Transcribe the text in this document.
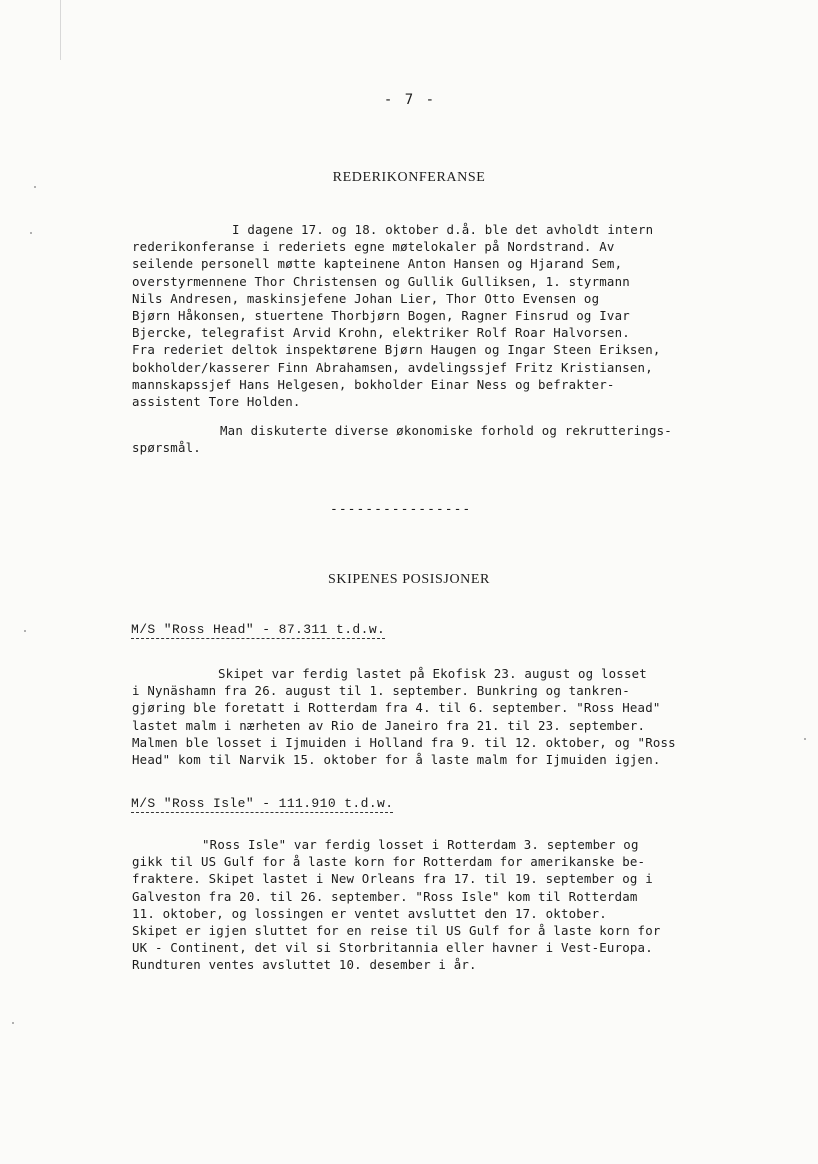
- 7 -
REDERIKONFERANSE
I dagene 17. og 18. oktober d.å. ble det avholdt intern
rederikonferanse i rederiets egne møtelokaler på Nordstrand. Av
seilende personell møtte kapteinene Anton Hansen og Hjarand Sem,
overstyrmennene Thor Christensen og Gullik Gulliksen, 1. styrmann
Nils Andresen, maskinsjefene Johan Lier, Thor Otto Evensen og
Bjørn Håkonsen, stuertene Thorbjørn Bogen, Ragner Finsrud og Ivar
Bjercke, telegrafist Arvid Krohn, elektriker Rolf Roar Halvorsen.
Fra rederiet deltok inspektørene Bjørn Haugen og Ingar Steen Eriksen,
bokholder/kasserer Finn Abrahamsen, avdelingssjef Fritz Kristiansen,
mannskapssjef Hans Helgesen, bokholder Einar Ness og befrakter-
assistent Tore Holden.
Man diskuterte diverse økonomiske forhold og rekrutterings-
spørsmål.
----------------
SKIPENES POSISJONER
M/S "Ross Head" - 87.311 t.d.w.
Skipet var ferdig lastet på Ekofisk 23. august og losset
i Nynäshamn fra 26. august til 1. september. Bunkring og tankren-
gjøring ble foretatt i Rotterdam fra 4. til 6. september. "Ross Head"
lastet malm i nærheten av Rio de Janeiro fra 21. til 23. september.
Malmen ble losset i Ijmuiden i Holland fra 9. til 12. oktober, og "Ross
Head" kom til Narvik 15. oktober for å laste malm for Ijmuiden igjen.
M/S "Ross Isle" - 111.910 t.d.w.
"Ross Isle" var ferdig losset i Rotterdam 3. september og
gikk til US Gulf for å laste korn for Rotterdam for amerikanske be-
fraktere. Skipet lastet i New Orleans fra 17. til 19. september og i
Galveston fra 20. til 26. september. "Ross Isle" kom til Rotterdam
11. oktober, og lossingen er ventet avsluttet den 17. oktober.
Skipet er igjen sluttet for en reise til US Gulf for å laste korn for
UK - Continent, det vil si Storbritannia eller havner i Vest-Europa.
Rundturen ventes avsluttet 10. desember i år.
